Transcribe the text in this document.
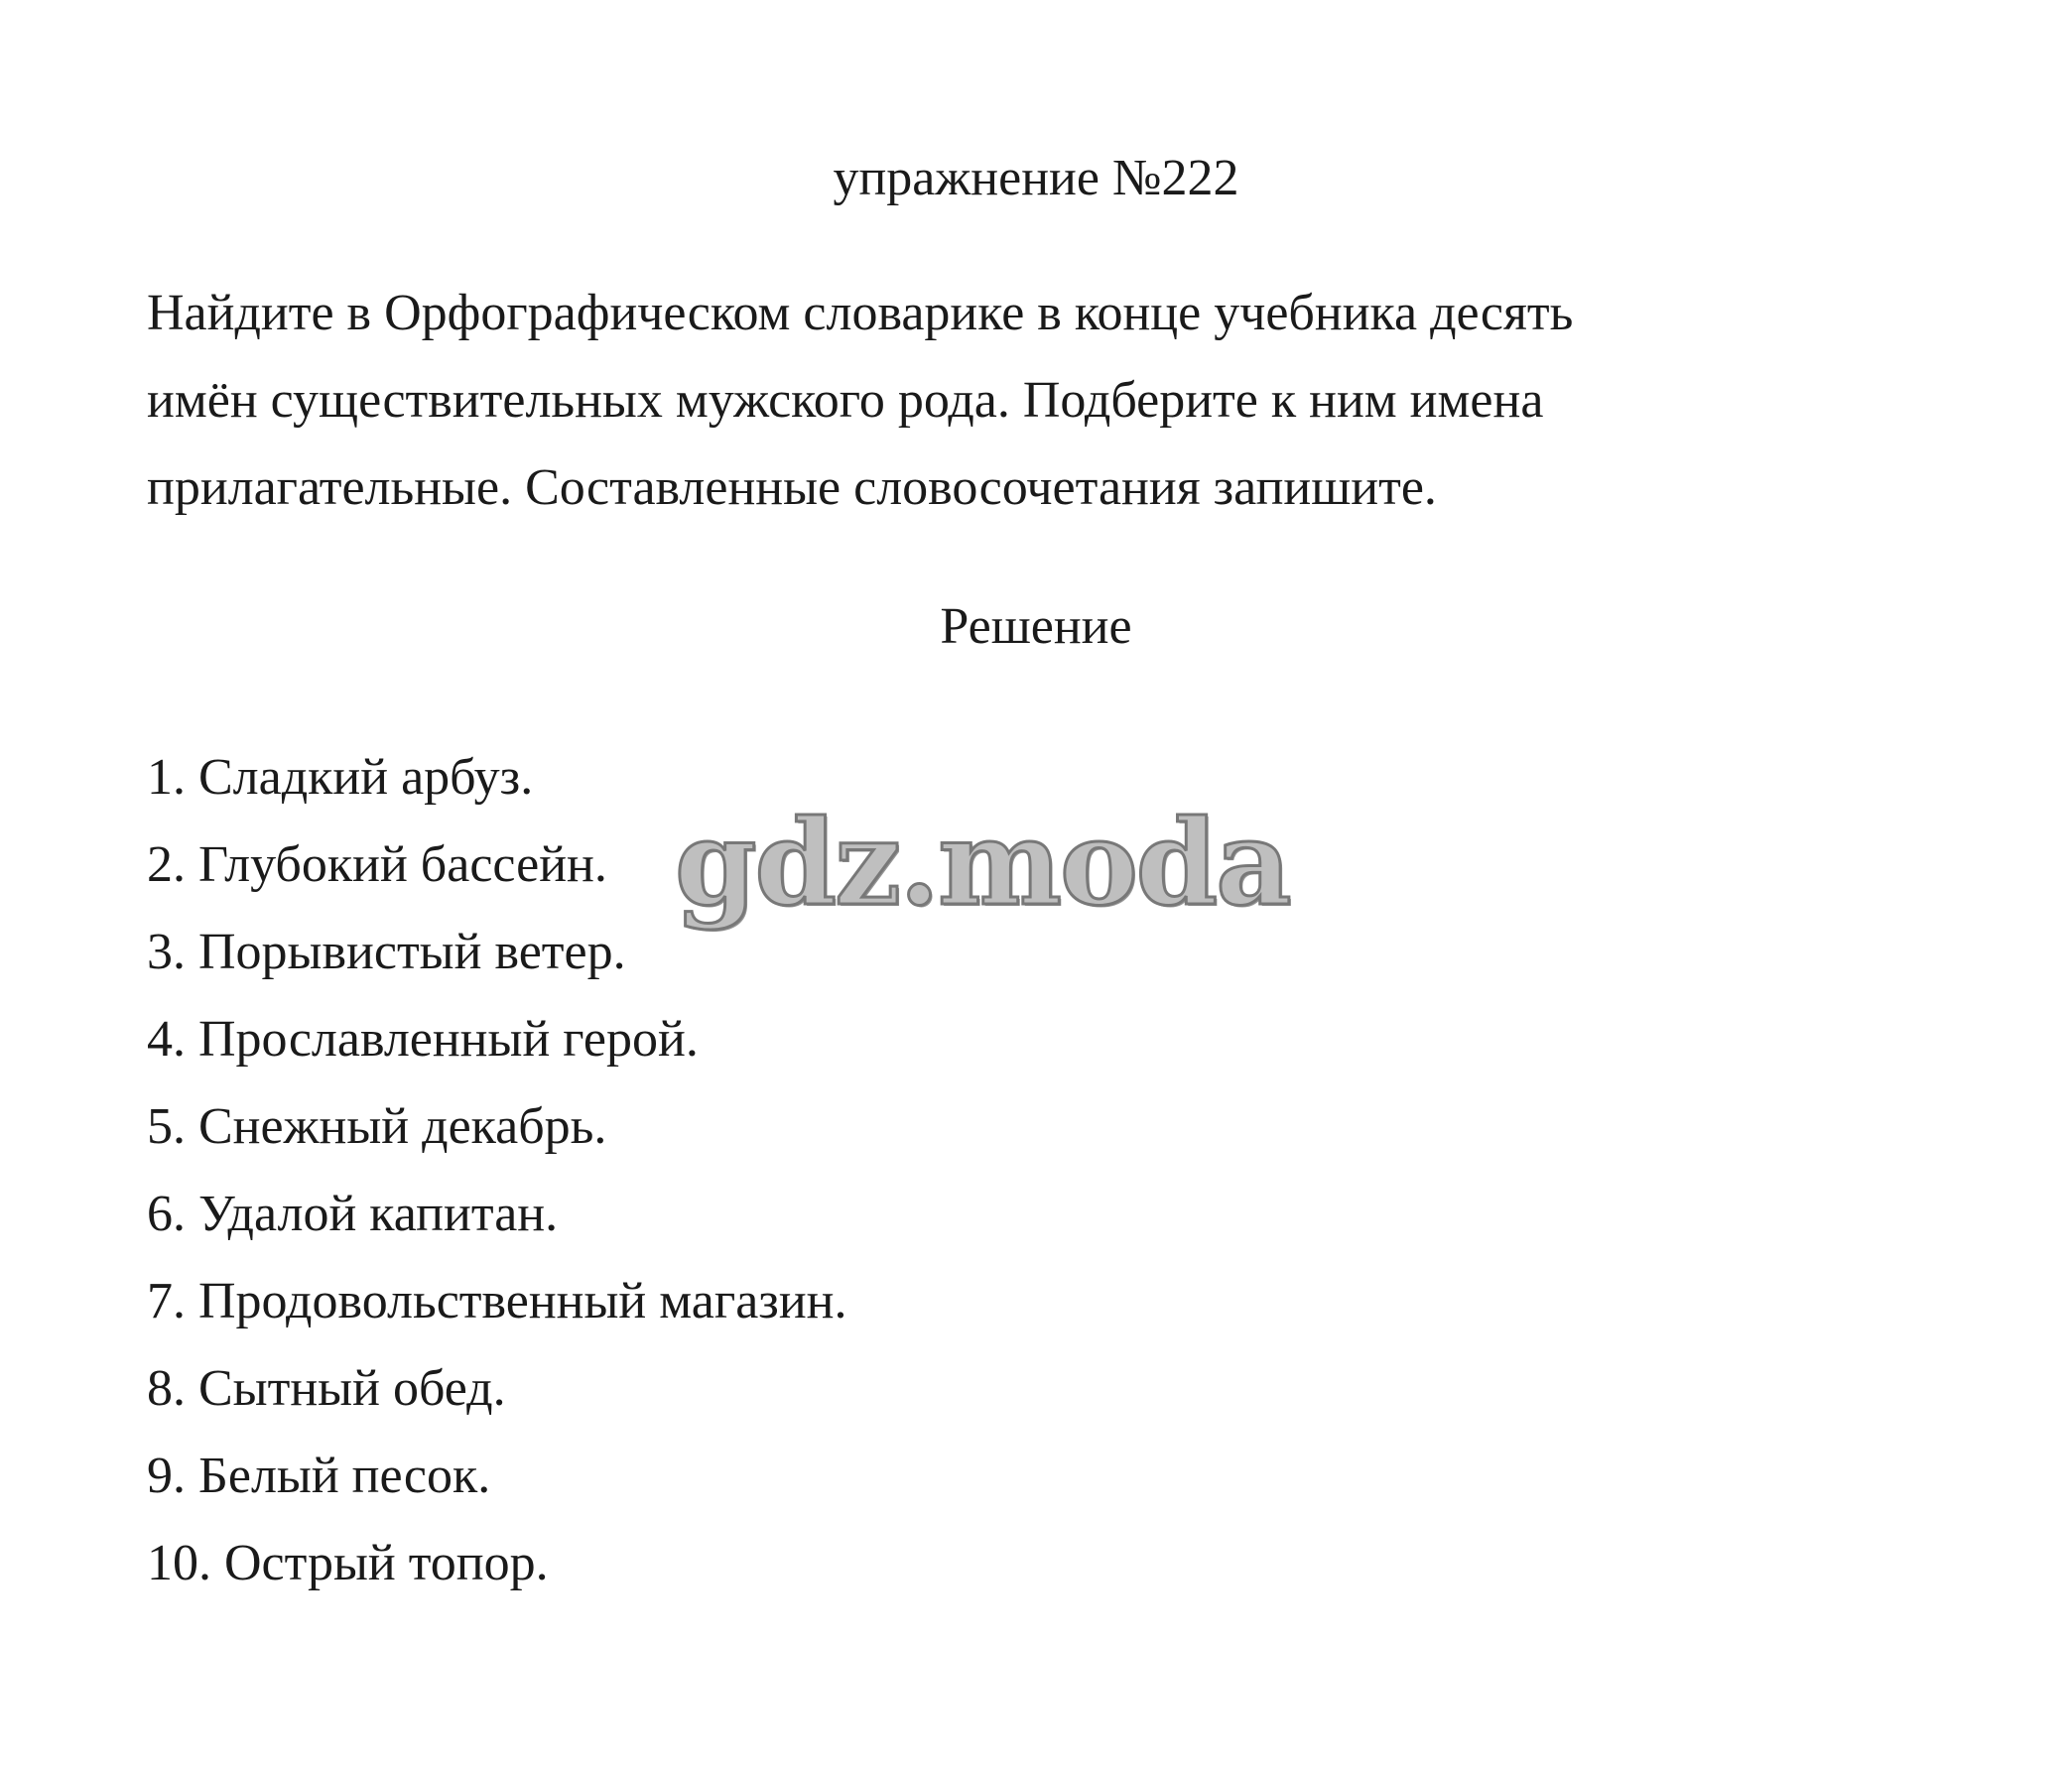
упражнение №222
Найдите в Орфографическом словарике в конце учебника десять
имён существительных мужского рода. Подберите к ним имена
прилагательные. Составленные словосочетания запишите.
Решение
1. Сладкий арбуз.
2. Глубокий бассейн.
3. Порывистый ветер.
4. Прославленный герой.
5. Снежный декабрь.
6. Удалой капитан.
7. Продовольственный магазин.
8. Сытный обед.
9. Белый песок.
10. Острый топор.
gdz.moda
